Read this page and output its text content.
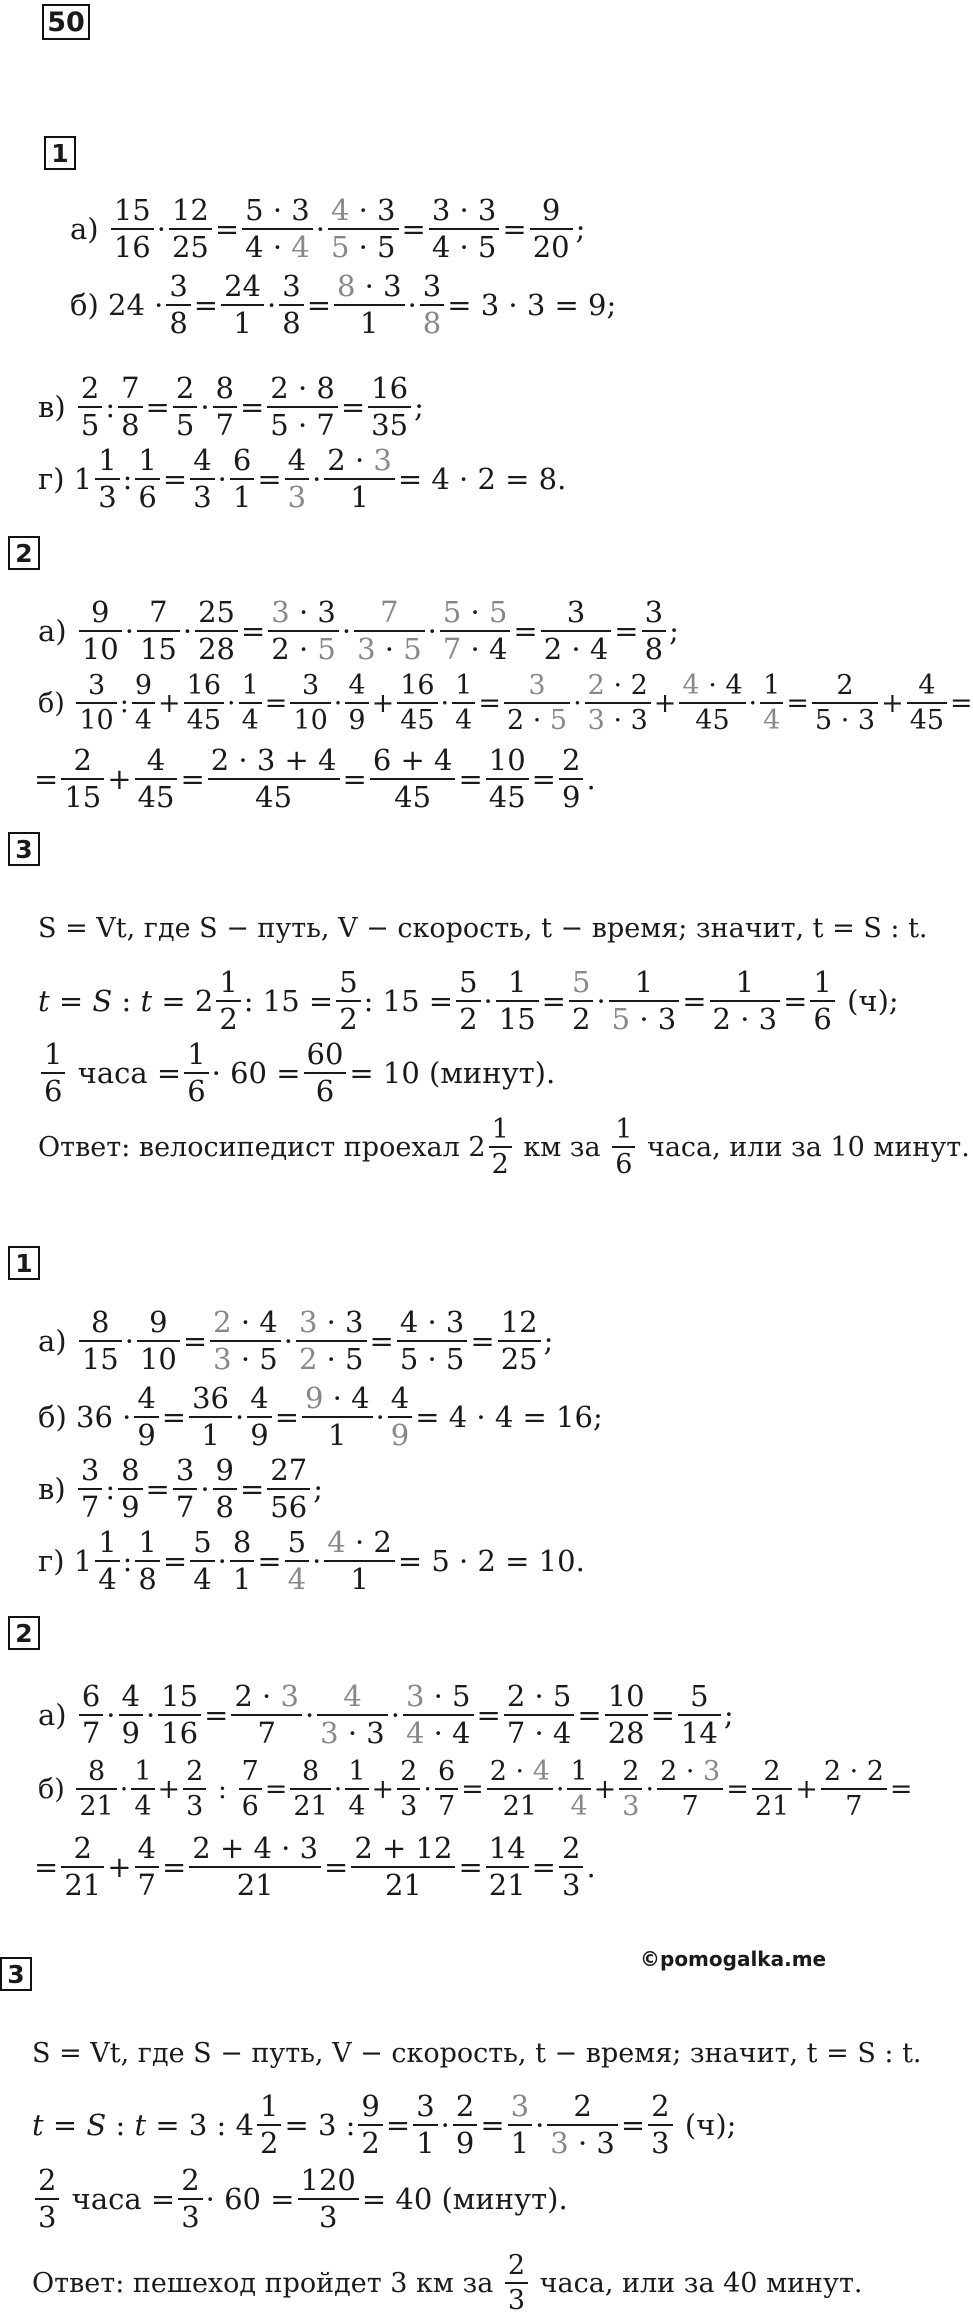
50
1
а)
15
16
·
12
25
=
5 · 3
4 · 4
·
4 · 3
5 · 5
=
3 · 3
4 · 5
=
9
20
;
б) 24 ·
3
8
=
24
1
·
3
8
=
8 · 3
1
·
3
8
= 3 · 3 = 9;
в)
2
5
:
7
8
=
2
5
·
8
7
=
2 · 8
5 · 7
=
16
35
;
г) 1
1
3
:
1
6
=
4
3
·
6
1
=
4
3
·
2 · 3
1
= 4 · 2 = 8.
2
а)
9
10
·
7
15
·
25
28
=
3 · 3
2 · 5
·
7
3 · 5
·
5 · 5
7 · 4
=
3
2 · 4
=
3
8
;
б)
3
10
:
9
4
+
16
45
·
1
4
=
3
10
·
4
9
+
16
45
·
1
4
=
3
2 · 5
·
2 · 2
3 · 3
+
4 · 4
45
·
1
4
=
2
5 · 3
+
4
45
=
=
2
15
+
4
45
=
2 · 3 + 4
45
=
6 + 4
45
=
10
45
=
2
9
.
3
S = Vt, где S − путь, V − скорость, t − время; значит, t = S : t.
t = S : t = 2
1
2
: 15 =
5
2
: 15 =
5
2
·
1
15
=
5
2
·
1
5 · 3
=
1
2 · 3
=
1
6
(ч);
1
6
часа =
1
6
· 60 =
60
6
= 10 (минут).
Ответ: велосипедист проехал 2
1
2
км за
1
6
часа, или за 10 минут.
1
а)
8
15
·
9
10
=
2 · 4
3 · 5
·
3 · 3
2 · 5
=
4 · 3
5 · 5
=
12
25
;
б) 36 ·
4
9
=
36
1
·
4
9
=
9 · 4
1
·
4
9
= 4 · 4 = 16;
в)
3
7
:
8
9
=
3
7
·
9
8
=
27
56
;
г) 1
1
4
:
1
8
=
5
4
·
8
1
=
5
4
·
4 · 2
1
= 5 · 2 = 10.
2
а)
6
7
·
4
9
·
15
16
=
2 · 3
7
·
4
3 · 3
·
3 · 5
4 · 4
=
2 · 5
7 · 4
=
10
28
=
5
14
;
б)
8
21
·
1
4
+
2
3
:
7
6
=
8
21
·
1
4
+
2
3
·
6
7
=
2 · 4
21
·
1
4
+
2
3
·
2 · 3
7
=
2
21
+
2 · 2
7
=
=
2
21
+
4
7
=
2 + 4 · 3
21
=
2 + 12
21
=
14
21
=
2
3
.
©pomogalka.me
3
S = Vt, где S − путь, V − скорость, t − время; значит, t = S : t.
t = S : t = 3 : 4
1
2
= 3 :
9
2
=
3
1
·
2
9
=
3
1
·
2
3 · 3
=
2
3
(ч);
2
3
часа =
2
3
· 60 =
120
3
= 40 (минут).
Ответ: пешеход пройдет 3 км за
2
3
часа, или за 40 минут.
